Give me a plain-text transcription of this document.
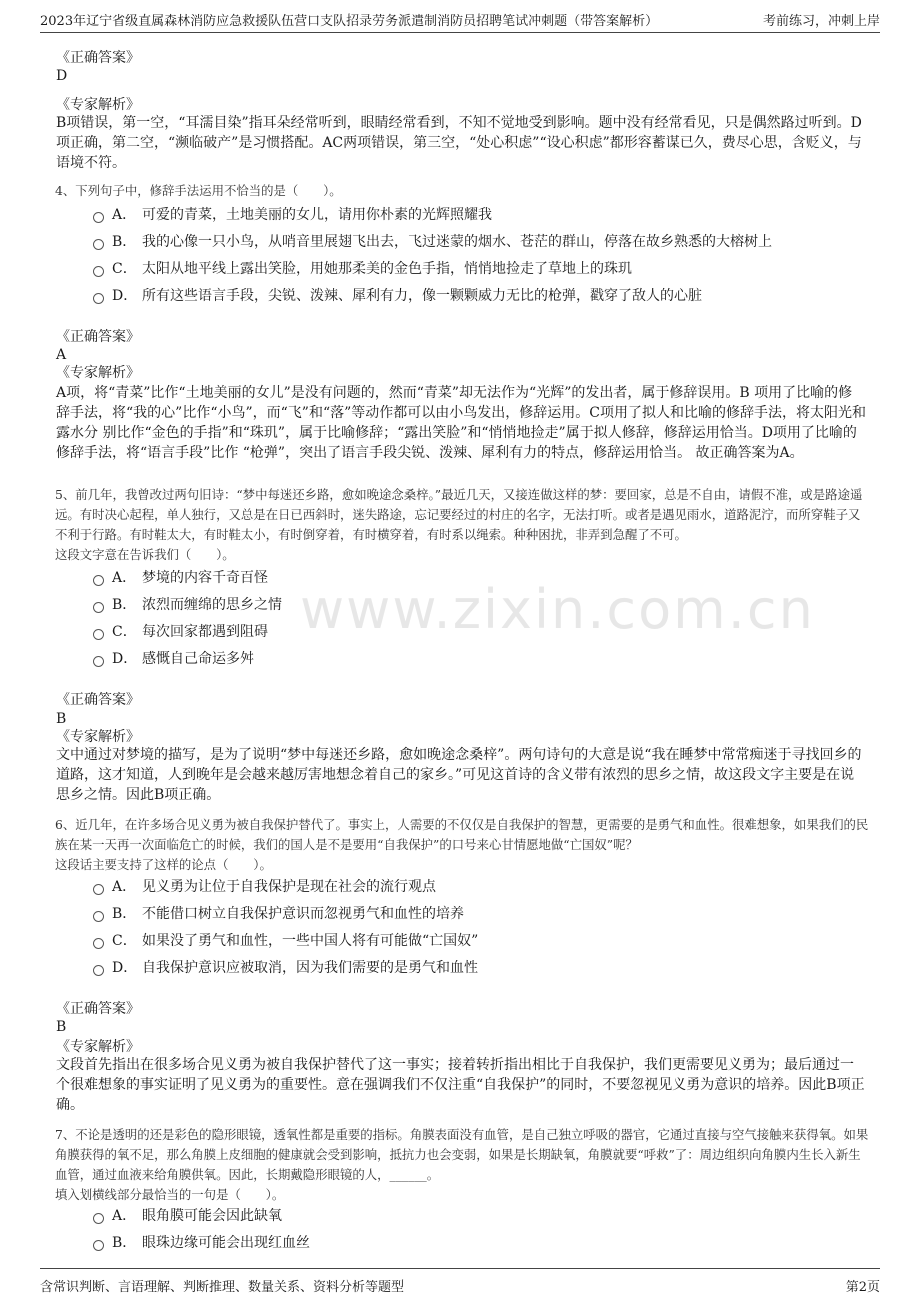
2023年辽宁省级直属森林消防应急救援队伍营口支队招录劳务派遣制消防员招聘笔试冲刺题（带答案解析）	考前练习，冲刺上岸
www.zixin.com.cn
《正确答案》
D
《专家解析》
B项错误，第一空，“耳濡目染”指耳朵经常听到，眼睛经常看到，不知不觉地受到影响。题中没有经常看见，只是偶然路过听到。D项正确，第二空，“濒临破产”是习惯搭配。AC两项错误，第三空，“处心积虑”“设心积虑”都形容蓄谋已久，费尽心思，含贬义，与语境不符。
4、下列句子中，修辞手法运用不恰当的是（　　）。
A． 可爱的青菜，土地美丽的女儿，请用你朴素的光辉照耀我
B． 我的心像一只小鸟，从哨音里展翅飞出去，飞过迷蒙的烟水、苍茫的群山，停落在故乡熟悉的大榕树上
C． 太阳从地平线上露出笑脸，用她那柔美的金色手指，悄悄地捡走了草地上的珠玑
D． 所有这些语言手段，尖锐、泼辣、犀利有力，像一颗颗威力无比的枪弹，戳穿了敌人的心脏
《正确答案》
A
《专家解析》
A项，将“青菜”比作“土地美丽的女儿”是没有问题的，然而“青菜”却无法作为“光辉”的发出者，属于修辞误用。B 项用了比喻的修辞手法，将“我的心”比作“小鸟”，而“飞”和“落”等动作都可以由小鸟发出，修辞运用。C项用了拟人和比喻的修辞手法，将太阳光和露水分 别比作“金色的手指”和“珠玑”，属于比喻修辞；“露出笑脸”和“悄悄地捡走”属于拟人修辞，修辞运用恰当。D项用了比喻的修辞手法，将“语言手段”比作 “枪弹”，突出了语言手段尖锐、泼辣、犀利有力的特点，修辞运用恰当。 故正确答案为A。
5、前几年，我曾改过两句旧诗：“梦中每迷还乡路，愈如晚途念桑梓。”最近几天，又接连做这样的梦：要回家，总是不自由，请假不准，或是路途遥远。有时决心起程，单人独行，又总是在日已西斜时，迷失路途，忘记要经过的村庄的名字，无法打听。或者是遇见雨水，道路泥泞，而所穿鞋子又不利于行路。有时鞋太大，有时鞋太小，有时倒穿着，有时横穿着，有时系以绳索。种种困扰，非弄到急醒了不可。
这段文字意在告诉我们（　　）。
A． 梦境的内容千奇百怪
B． 浓烈而缠绵的思乡之情
C． 每次回家都遇到阻碍
D． 感慨自己命运多舛
《正确答案》
B
《专家解析》
文中通过对梦境的描写，是为了说明“梦中每迷还乡路，愈如晚途念桑梓”。两句诗句的大意是说“我在睡梦中常常痴迷于寻找回乡的道路，这才知道，人到晚年是会越来越厉害地想念着自己的家乡。”可见这首诗的含义带有浓烈的思乡之情，故这段文字主要是在说思乡之情。因此B项正确。
6、近几年，在许多场合见义勇为被自我保护替代了。事实上，人需要的不仅仅是自我保护的智慧，更需要的是勇气和血性。很难想象，如果我们的民族在某一天再一次面临危亡的时候，我们的国人是不是要用“自我保护”的口号来心甘情愿地做“亡国奴”呢？
这段话主要支持了这样的论点（　　）。
A． 见义勇为让位于自我保护是现在社会的流行观点
B． 不能借口树立自我保护意识而忽视勇气和血性的培养
C． 如果没了勇气和血性，一些中国人将有可能做“亡国奴”
D． 自我保护意识应被取消，因为我们需要的是勇气和血性
《正确答案》
B
《专家解析》
文段首先指出在很多场合见义勇为被自我保护替代了这一事实；接着转折指出相比于自我保护，我们更需要见义勇为；最后通过一个很难想象的事实证明了见义勇为的重要性。意在强调我们不仅注重“自我保护”的同时，不要忽视见义勇为意识的培养。因此B项正确。
7、不论是透明的还是彩色的隐形眼镜，透氧性都是重要的指标。角膜表面没有血管，是自己独立呼吸的器官，它通过直接与空气接触来获得氧。如果角膜获得的氧不足，那么角膜上皮细胞的健康就会受到影响，抵抗力也会变弱，如果是长期缺氧，角膜就要“呼救”了：周边组织向角膜内生长入新生血管，通过血液来给角膜供氧。因此，长期戴隐形眼镜的人，______。
填入划横线部分最恰当的一句是（　　）。
A． 眼角膜可能会因此缺氧
B． 眼珠边缘可能会出现红血丝
含常识判断、言语理解、判断推理、数量关系、资料分析等题型	第2页
